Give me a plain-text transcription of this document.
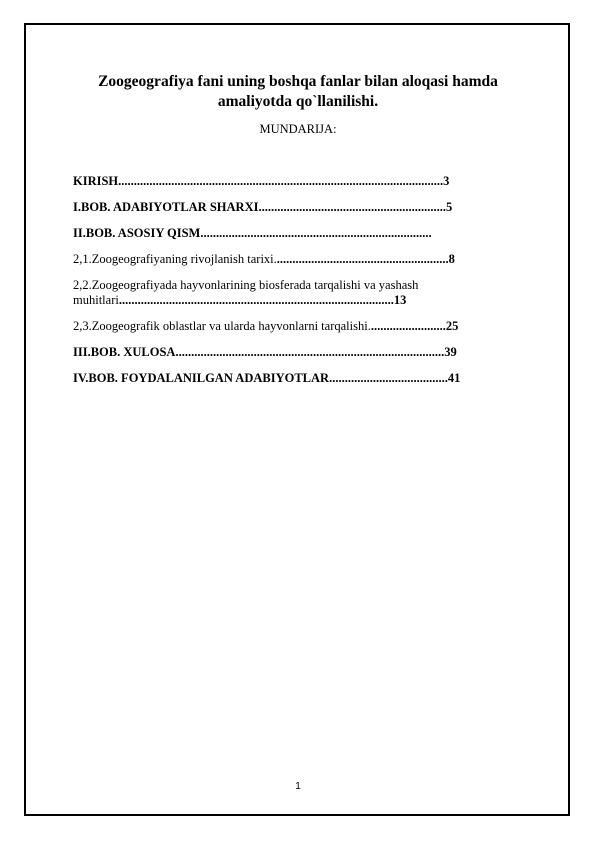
Zoogeografiya fani uning boshqa fanlar bilan aloqasi hamda amaliyotda qo`llanilishi.

MUNDARIJA:

KIRISH........................................................................................................3
I.BOB. ADABIYOTLAR SHARXI............................................................5
II.BOB. ASOSIY QISM..........................................................................
2,1.Zoogeografiyaning rivojlanish tarixi........................................................8
2,2.Zoogeografiyada hayvonlarining biosferada tarqalishi va yashash muhitlari........................................................................................13
2,3.Zoogeografik oblastlar va ularda hayvonlarni tarqalishi.........................25
III.BOB. XULOSA......................................................................................39
IV.BOB. FOYDALANILGAN ADABIYOTLAR......................................41
1
